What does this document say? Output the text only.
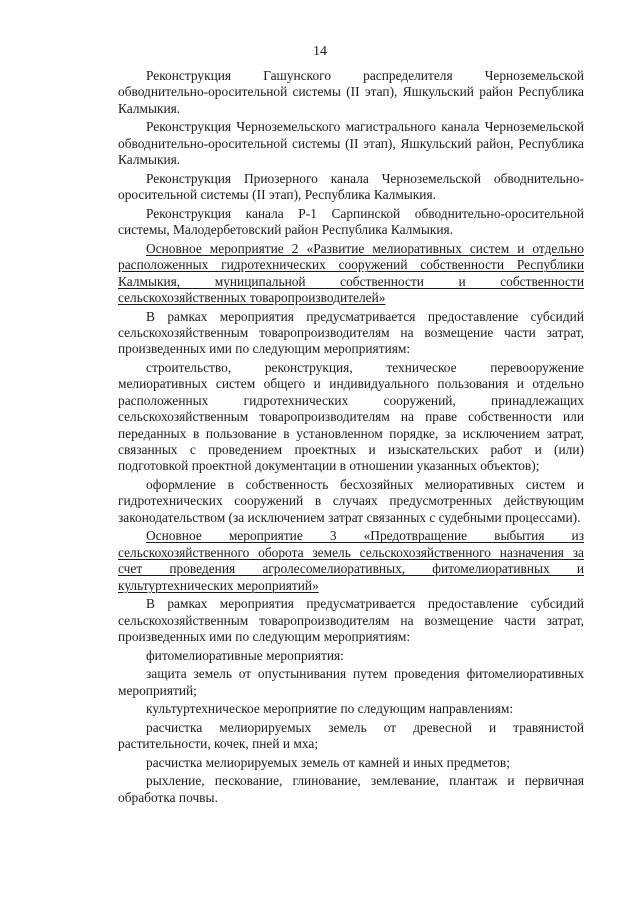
14

Реконструкция Гашунского распределителя Черноземельской обводнительно-оросительной системы (II этап), Яшкульский район Республика Калмыкия.

Реконструкция Черноземельского магистрального канала Черноземельской обводнительно-оросительной системы (II этап), Яшкульский район, Республика Калмыкия.

Реконструкция Приозерного канала Черноземельской обводнительно-оросительной системы (II этап), Республика Калмыкия.

Реконструкция канала Р-1 Сарпинской обводнительно-оросительной системы, Малодербетовский район Республика Калмыкия.

Основное мероприятие 2 «Развитие мелиоративных систем и отдельно расположенных гидротехнических сооружений собственности Республики Калмыкия, муниципальной собственности и собственности сельскохозяйственных товаропроизводителей»

В рамках мероприятия предусматривается предоставление субсидий сельскохозяйственным товаропроизводителям на возмещение части затрат, произведенных ими по следующим мероприятиям:

строительство, реконструкция, техническое перевооружение мелиоративных систем общего и индивидуального пользования и отдельно расположенных гидротехнических сооружений, принадлежащих сельскохозяйственным товаропроизводителям на праве собственности или переданных в пользование в установленном порядке, за исключением затрат, связанных с проведением проектных и изыскательских работ и (или) подготовкой проектной документации в отношении указанных объектов);

оформление в собственность бесхозяйных мелиоративных систем и гидротехнических сооружений в случаях предусмотренных действующим законодательством (за исключением затрат связанных с судебными процессами).

Основное мероприятие 3 «Предотвращение выбытия из сельскохозяйственного оборота земель сельскохозяйственного назначения за счет проведения агролесомелиоративных, фитомелиоративных и культуртехнических мероприятий»

В рамках мероприятия предусматривается предоставление субсидий сельскохозяйственным товаропроизводителям на возмещение части затрат, произведенных ими по следующим мероприятиям:

фитомелиоративные мероприятия:

защита земель от опустынивания путем проведения фитомелиоративных мероприятий;

культуртехническое мероприятие по следующим направлениям:

расчистка мелиорируемых земель от древесной и травянистой растительности, кочек, пней и мха;

расчистка мелиорируемых земель от камней и иных предметов;

рыхление, пескование, глинование, землевание, плантаж и первичная обработка почвы.
